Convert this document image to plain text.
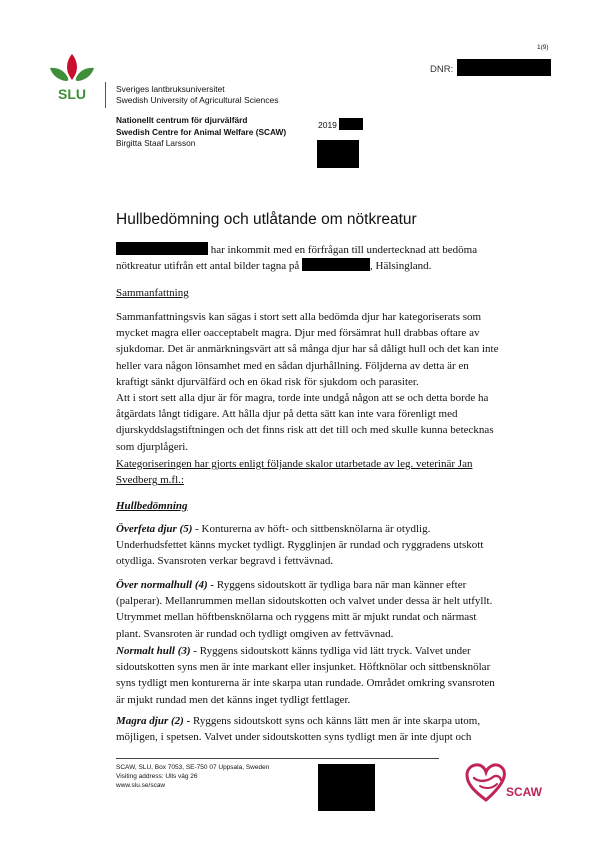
1(9)
DNR:
SLU	Sveriges lantbruksuniversitet
Swedish University of Agricultural Sciences
Nationellt centrum för djurvälfärd
Swedish Centre for Animal Welfare (SCAW)
Birgitta Staaf Larsson
2019
Hullbedömning och utlåtande om nötkreatur
har inkommit med en förfrågan till undertecknad att bedöma
nötkreatur utifrån ett antal bilder tagna på	, Hälsingland.
Sammanfattning
Sammanfattningsvis kan sägas i stort sett alla bedömda djur har kategoriserats som mycket magra eller oacceptabelt magra. Djur med försämrat hull drabbas oftare av sjukdomar. Det är anmärkningsvärt att så många djur har så dåligt hull och det kan inte heller vara någon lönsamhet med en sådan djurhållning. Följderna av detta är en kraftigt sänkt djurvälfärd och en ökad risk för sjukdom och parasiter.
Att i stort sett alla djur är för magra, torde inte undgå någon att se och detta borde ha åtgärdats långt tidigare. Att hålla djur på detta sätt kan inte vara förenligt med djurskyddslagstiftningen och det finns risk att det till och med skulle kunna betecknas som djurplågeri.
Kategoriseringen har gjorts enligt följande skalor utarbetade av leg. veterinär Jan Svedberg m.fl.:
Hullbedömning
Överfeta djur (5) - Konturerna av höft- och sittbensknölarna är otydlig. Underhudsfettet känns mycket tydligt. Rygglinjen är rundad och ryggradens utskott otydliga. Svansroten verkar begravd i fettvävnad.
Över normalhull (4) - Ryggens sidoutskott är tydliga bara när man känner efter (palperar). Mellanrummen mellan sidoutskotten och valvet under dessa är helt utfyllt. Utrymmet mellan höftbensknölarna och ryggens mitt är mjukt rundat och närmast plant. Svansroten är rundad och tydligt omgiven av fettvävnad.
Normalt hull (3) - Ryggens sidoutskott känns tydliga vid lätt tryck. Valvet under sidoutskotten syns men är inte markant eller insjunket. Höftknölar och sittbensknölar syns tydligt men konturerna är inte skarpa utan rundade. Området omkring svansroten är mjukt rundad men det känns inget tydligt fettlager.
Magra djur (2) - Ryggens sidoutskott syns och känns lätt men är inte skarpa utom, möjligen, i spetsen. Valvet under sidoutskotten syns tydligt men är inte djupt och
SCAW, SLU, Box 7053, SE-750 07 Uppsala, Sweden
Visiting address: Ulls väg 26
www.slu.se/scaw	SCAW
